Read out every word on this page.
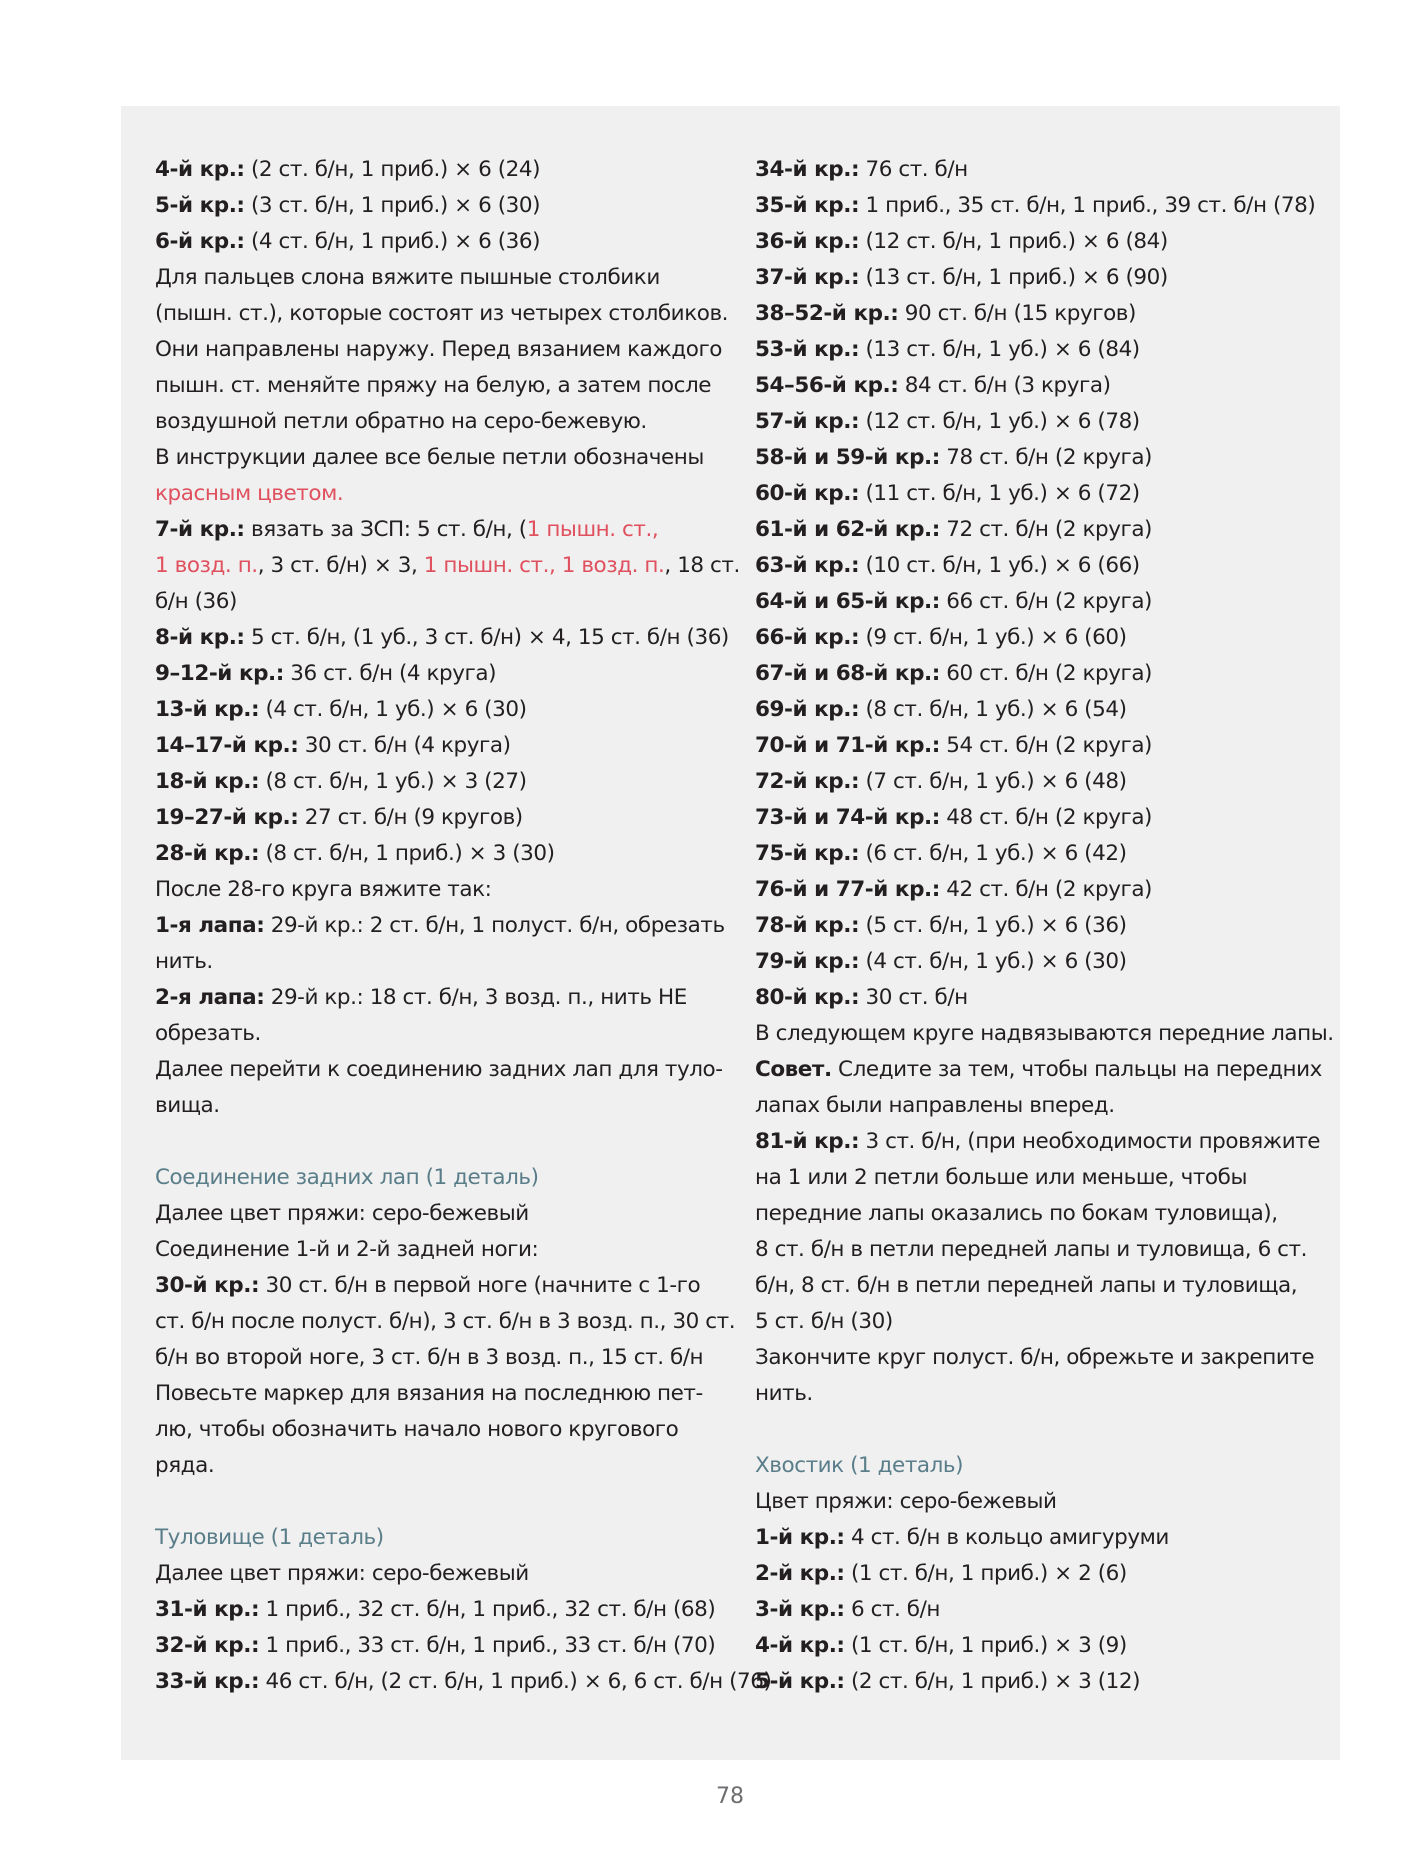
4-й кр.: (2 ст. б/н, 1 приб.) × 6 (24)
5-й кр.: (3 ст. б/н, 1 приб.) × 6 (30)
6-й кр.: (4 ст. б/н, 1 приб.) × 6 (36)
Для пальцев слона вяжите пышные столбики
(пышн. ст.), которые состоят из четырех столбиков.
Они направлены наружу. Перед вязанием каждого
пышн. ст. меняйте пряжу на белую, а затем после
воздушной петли обратно на серо-бежевую.
В инструкции далее все белые петли обозначены
красным цветом.
7-й кр.: вязать за ЗСП: 5 ст. б/н, (1 пышн. ст.,
1 возд. п., 3 ст. б/н) × 3, 1 пышн. ст., 1 возд. п., 18 ст.
б/н (36)
8-й кр.: 5 ст. б/н, (1 уб., 3 ст. б/н) × 4, 15 ст. б/н (36)
9–12-й кр.: 36 ст. б/н (4 круга)
13-й кр.: (4 ст. б/н, 1 уб.) × 6 (30)
14–17-й кр.: 30 ст. б/н (4 круга)
18-й кр.: (8 ст. б/н, 1 уб.) × 3 (27)
19–27-й кр.: 27 ст. б/н (9 кругов)
28-й кр.: (8 ст. б/н, 1 приб.) × 3 (30)
После 28-го круга вяжите так:
1-я лапа: 29-й кр.: 2 ст. б/н, 1 полуст. б/н, обрезать
нить.
2-я лапа: 29-й кр.: 18 ст. б/н, 3 возд. п., нить НЕ
обрезать.
Далее перейти к соединению задних лап для туло-
вища.
Соединение задних лап (1 деталь)
Далее цвет пряжи: серо-бежевый
Соединение 1-й и 2-й задней ноги:
30-й кр.: 30 ст. б/н в первой ноге (начните с 1-го
ст. б/н после полуст. б/н), 3 ст. б/н в 3 возд. п., 30 ст.
б/н во второй ноге, 3 ст. б/н в 3 возд. п., 15 ст. б/н
Повесьте маркер для вязания на последнюю пет-
лю, чтобы обозначить начало нового кругового
ряда.
Туловище (1 деталь)
Далее цвет пряжи: серо-бежевый
31-й кр.: 1 приб., 32 ст. б/н, 1 приб., 32 ст. б/н (68)
32-й кр.: 1 приб., 33 ст. б/н, 1 приб., 33 ст. б/н (70)
33-й кр.: 46 ст. б/н, (2 ст. б/н, 1 приб.) × 6, 6 ст. б/н (76)
34-й кр.: 76 ст. б/н
35-й кр.: 1 приб., 35 ст. б/н, 1 приб., 39 ст. б/н (78)
36-й кр.: (12 ст. б/н, 1 приб.) × 6 (84)
37-й кр.: (13 ст. б/н, 1 приб.) × 6 (90)
38–52-й кр.: 90 ст. б/н (15 кругов)
53-й кр.: (13 ст. б/н, 1 уб.) × 6 (84)
54–56-й кр.: 84 ст. б/н (3 круга)
57-й кр.: (12 ст. б/н, 1 уб.) × 6 (78)
58-й и 59-й кр.: 78 ст. б/н (2 круга)
60-й кр.: (11 ст. б/н, 1 уб.) × 6 (72)
61-й и 62-й кр.: 72 ст. б/н (2 круга)
63-й кр.: (10 ст. б/н, 1 уб.) × 6 (66)
64-й и 65-й кр.: 66 ст. б/н (2 круга)
66-й кр.: (9 ст. б/н, 1 уб.) × 6 (60)
67-й и 68-й кр.: 60 ст. б/н (2 круга)
69-й кр.: (8 ст. б/н, 1 уб.) × 6 (54)
70-й и 71-й кр.: 54 ст. б/н (2 круга)
72-й кр.: (7 ст. б/н, 1 уб.) × 6 (48)
73-й и 74-й кр.: 48 ст. б/н (2 круга)
75-й кр.: (6 ст. б/н, 1 уб.) × 6 (42)
76-й и 77-й кр.: 42 ст. б/н (2 круга)
78-й кр.: (5 ст. б/н, 1 уб.) × 6 (36)
79-й кр.: (4 ст. б/н, 1 уб.) × 6 (30)
80-й кр.: 30 ст. б/н
В следующем круге надвязываются передние лапы.
Совет. Следите за тем, чтобы пальцы на передних
лапах были направлены вперед.
81-й кр.: 3 ст. б/н, (при необходимости провяжите
на 1 или 2 петли больше или меньше, чтобы
передние лапы оказались по бокам туловища),
8 ст. б/н в петли передней лапы и туловища, 6 ст.
б/н, 8 ст. б/н в петли передней лапы и туловища,
5 ст. б/н (30)
Закончите круг полуст. б/н, обрежьте и закрепите
нить.
Хвостик (1 деталь)
Цвет пряжи: серо-бежевый
1-й кр.: 4 ст. б/н в кольцо амигуруми
2-й кр.: (1 ст. б/н, 1 приб.) × 2 (6)
3-й кр.: 6 ст. б/н
4-й кр.: (1 ст. б/н, 1 приб.) × 3 (9)
5-й кр.: (2 ст. б/н, 1 приб.) × 3 (12)
78
